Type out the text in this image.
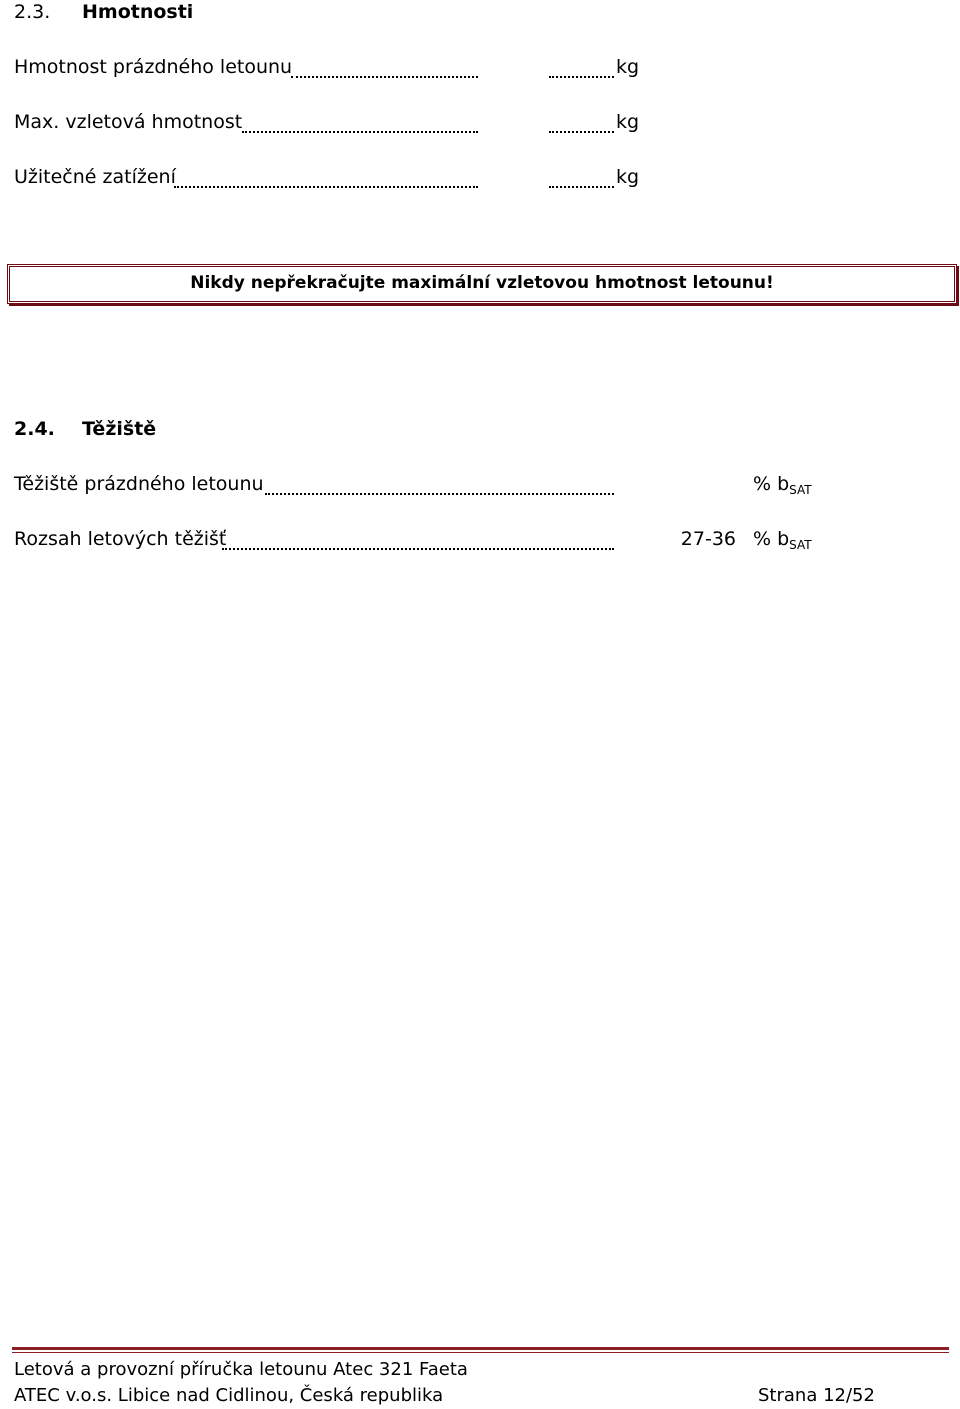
2.3. Hmotnosti
Hmotnost prázdného letounu	kg
Max. vzletová hmotnost	kg
Užitečné zatížení	kg
Nikdy nepřekračujte maximální vzletovou hmotnost letounu!
2.4. Těžiště
Těžiště prázdného letounu	% $b_{SAT}$
Rozsah letových těžišť	27-36 % $b_{SAT}$
Letová a provozní příručka letounu Atec 321 Faeta
ATEC v.o.s. Libice nad Cidlinou, Česká republika	Strana 12/52
